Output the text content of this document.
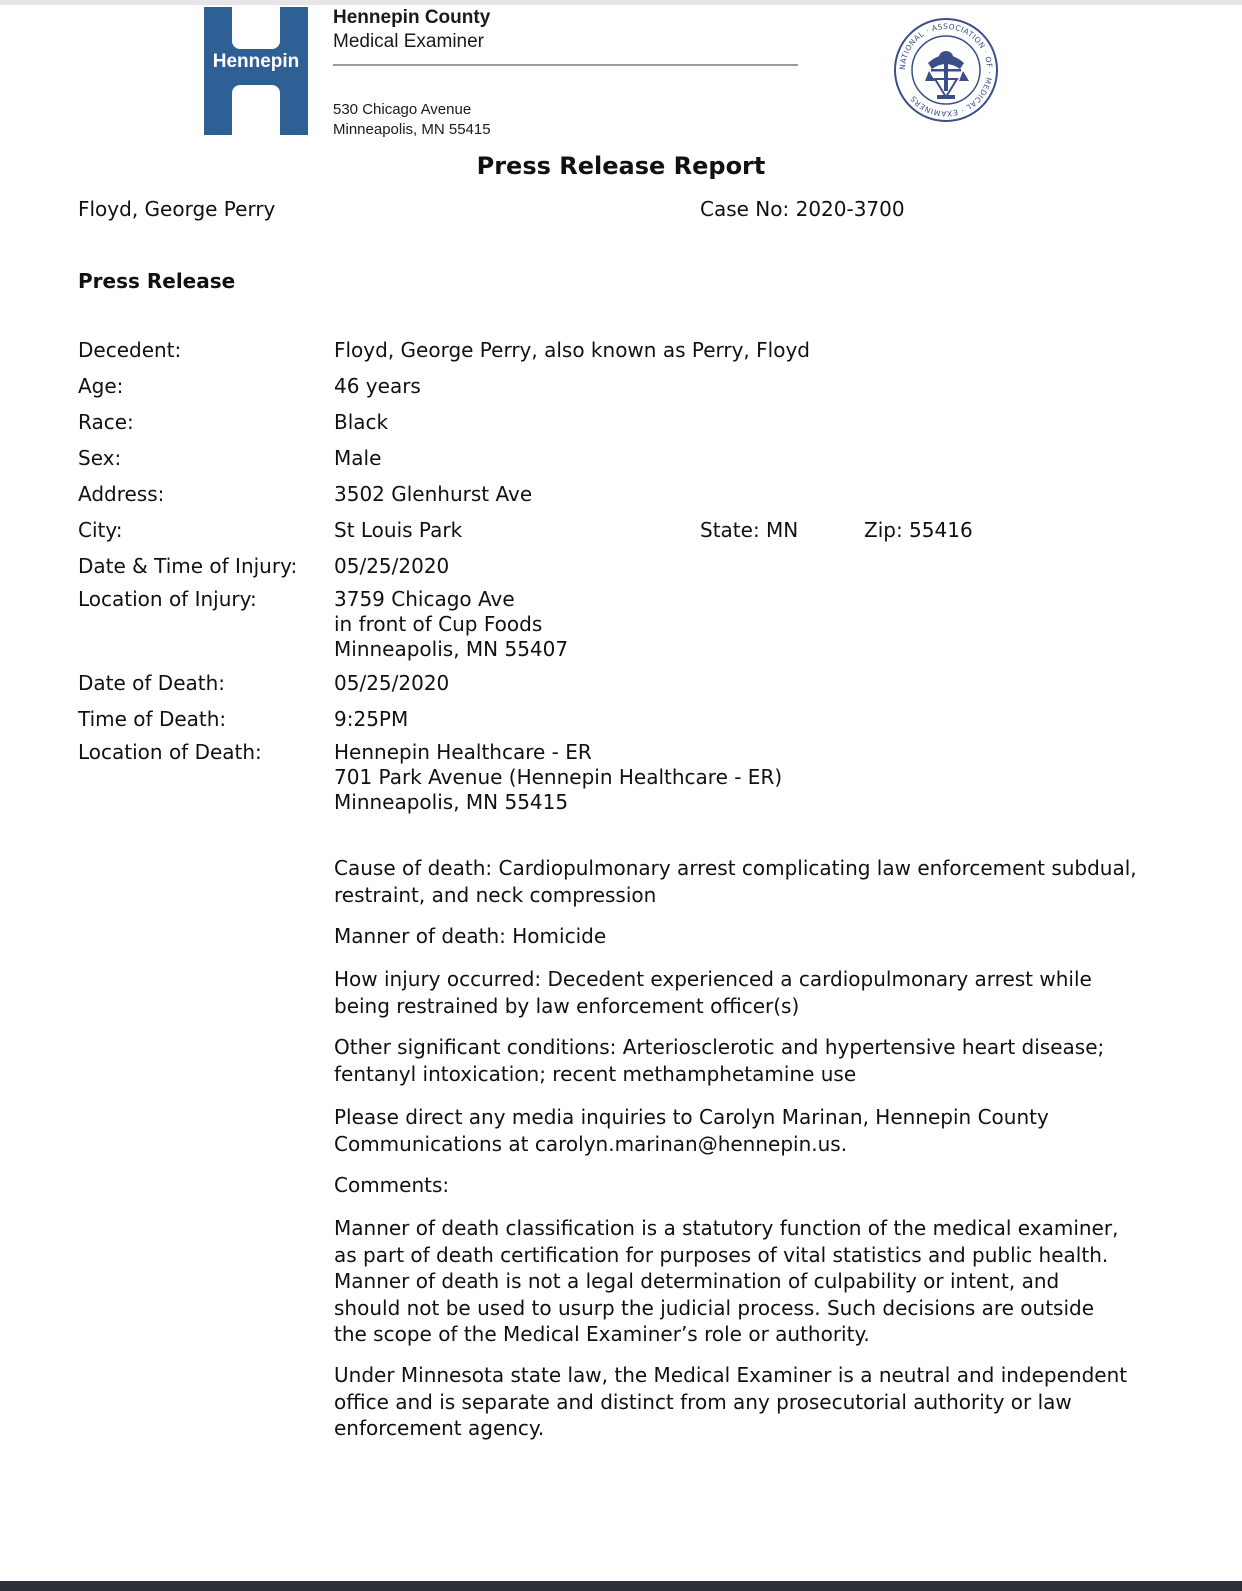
Hennepin
Hennepin County
Medical Examiner
530 Chicago Avenue
Minneapolis, MN 55415
NATIONAL · ASSOCIATION · OF · MEDICAL · EXAMINERS
Press Release Report
Floyd, George Perry	Case No: 2020-3700
Press Release
Decedent:	Floyd, George Perry, also known as Perry, Floyd
Age:	46 years
Race:	Black
Sex:	Male
Address:	3502 Glenhurst Ave
City:	St Louis Park	State: MN	Zip: 55416
Date & Time of Injury: 05/25/2020
Location of Injury:	3759 Chicago Ave
in front of Cup Foods
Minneapolis, MN 55407
Date of Death:	05/25/2020
Time of Death:	9:25PM
Location of Death:	Hennepin Healthcare - ER
701 Park Avenue (Hennepin Healthcare - ER)
Minneapolis, MN 55415
Cause of death: Cardiopulmonary arrest complicating law enforcement subdual,
restraint, and neck compression
Manner of death: Homicide
How injury occurred: Decedent experienced a cardiopulmonary arrest while
being restrained by law enforcement officer(s)
Other significant conditions: Arteriosclerotic and hypertensive heart disease;
fentanyl intoxication; recent methamphetamine use
Please direct any media inquiries to Carolyn Marinan, Hennepin County
Communications at carolyn.marinan@hennepin.us.
Comments:
Manner of death classification is a statutory function of the medical examiner,
as part of death certification for purposes of vital statistics and public health.
Manner of death is not a legal determination of culpability or intent, and
should not be used to usurp the judicial process. Such decisions are outside
the scope of the Medical Examiner’s role or authority.
Under Minnesota state law, the Medical Examiner is a neutral and independent
office and is separate and distinct from any prosecutorial authority or law
enforcement agency.
